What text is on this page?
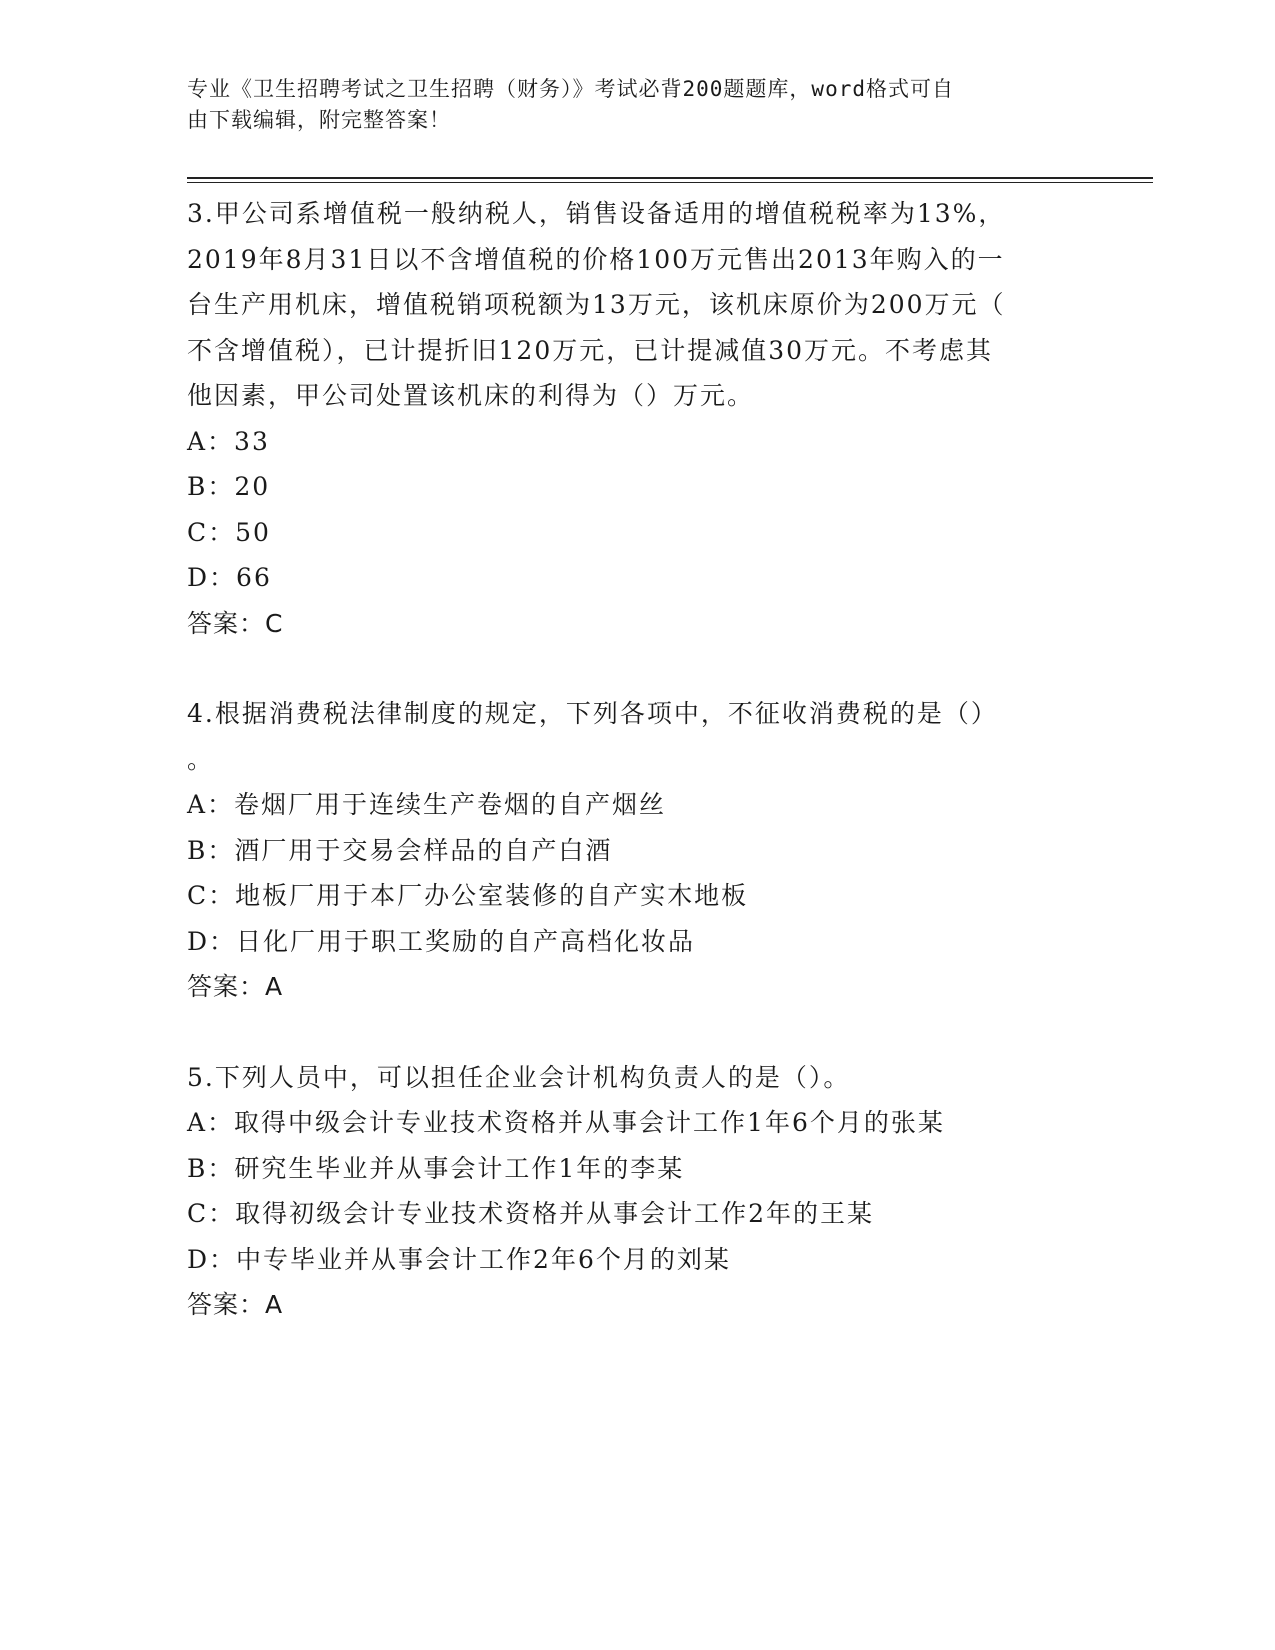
专业《卫生招聘考试之卫生招聘（财务）》考试必背200题题库，word格式可自
由下载编辑，附完整答案！
3.甲公司系增值税一般纳税人，销售设备适用的增值税税率为13%，
2019年8月31日以不含增值税的价格100万元售出2013年购入的一
台生产用机床，增值税销项税额为13万元，该机床原价为200万元（
不含增值税），已计提折旧120万元，已计提减值30万元。不考虑其
他因素，甲公司处置该机床的利得为（）万元。
A：33
B：20
C：50
D：66
答案：C
4.根据消费税法律制度的规定，下列各项中，不征收消费税的是（）
。
A：卷烟厂用于连续生产卷烟的自产烟丝
B：酒厂用于交易会样品的自产白酒
C：地板厂用于本厂办公室装修的自产实木地板
D：日化厂用于职工奖励的自产高档化妆品
答案：A
5.下列人员中，可以担任企业会计机构负责人的是（）。
A：取得中级会计专业技术资格并从事会计工作1年6个月的张某
B：研究生毕业并从事会计工作1年的李某
C：取得初级会计专业技术资格并从事会计工作2年的王某
D：中专毕业并从事会计工作2年6个月的刘某
答案：A
